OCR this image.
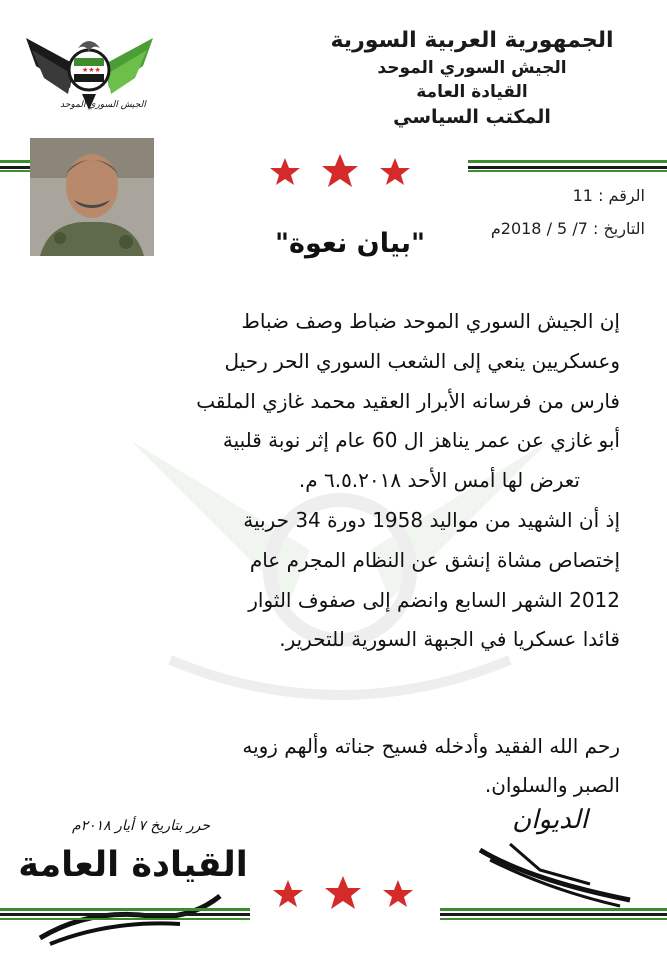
★★★
الجيش السوري الموحد
الجمهورية العربية السورية
الجيش السوري الموحد
القيادة العامة
المكتب السياسي
الرقم : 11
التاريخ : 7/ 5 / 2018م
"بيان نعوة"

إن الجيش السوري الموحد ضباط وصف ضباط

وعسكريين ينعي إلى الشعب السوري الحر رحيل

فارس من فرسانه الأبرار العقيد محمد غازي الملقب

أبو غازي عن عمر يناهز ال 60 عام إثر نوبة قلبية

تعرض لها أمس الأحد ٦.٥.٢٠١٨ م.

إذ أن الشهيد من مواليد 1958 دورة 34 حربية

إختصاص مشاة إنشق عن النظام المجرم عام

2012 الشهر السابع وانضم إلى صفوف الثوار

قائدا عسكريا في الجبهة السورية للتحرير.

رحم الله الفقيد وأدخله فسيح جناته وألهم زويه

الصبر والسلوان.

حرر بتاريخ ٧ أيار ٢٠١٨م
القيادة العامة
الديوان
